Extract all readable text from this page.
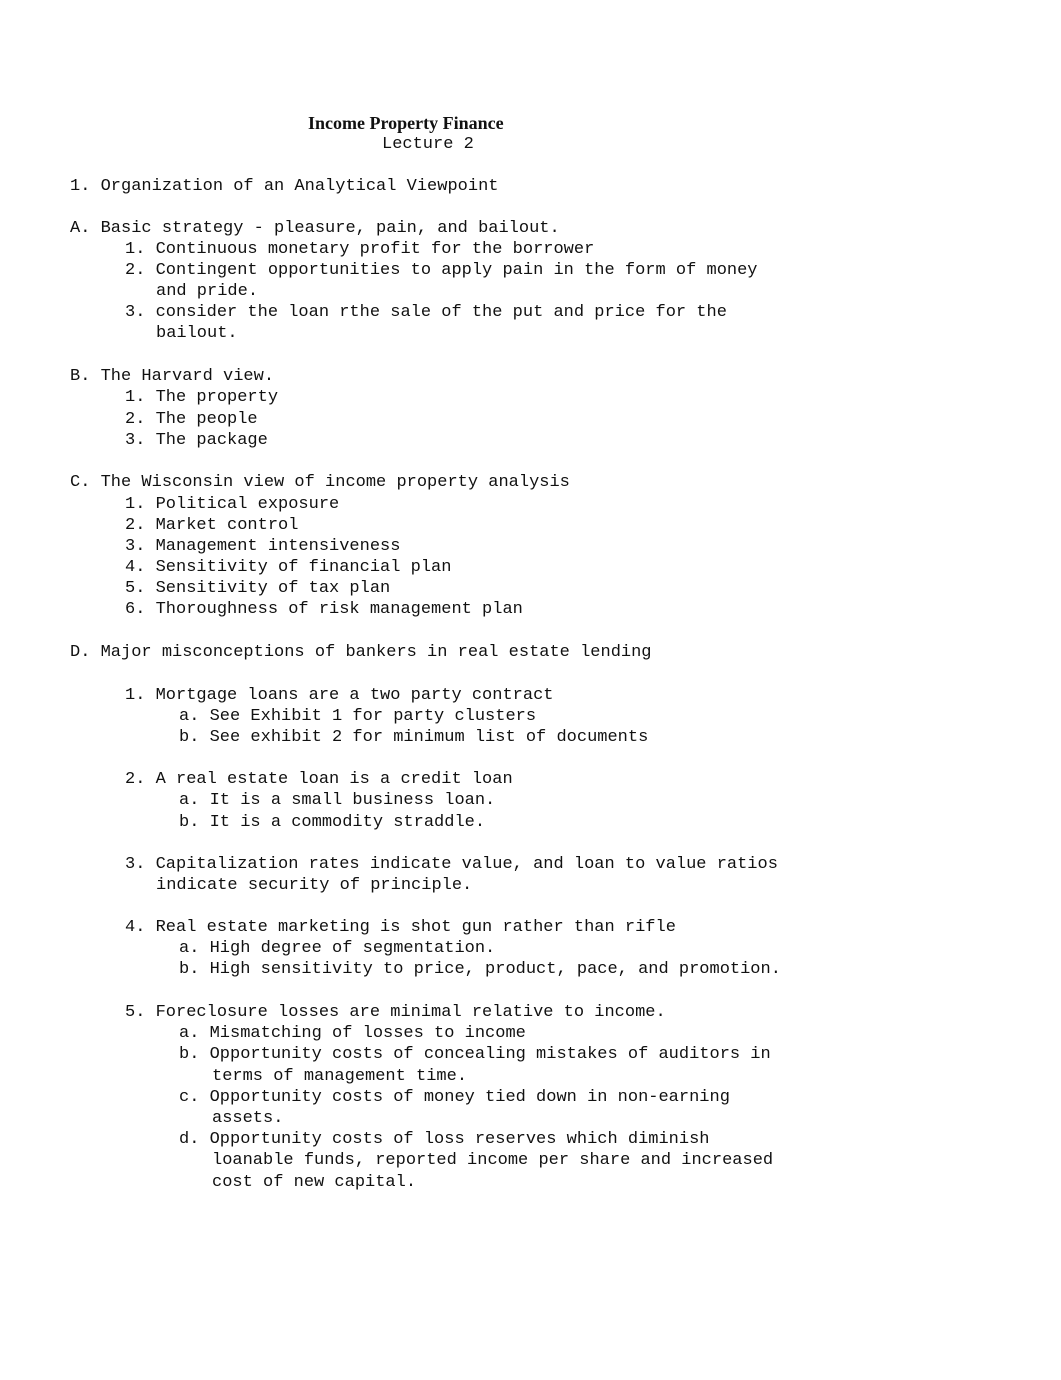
Income Property Finance
Lecture 2
1. Organization of an Analytical Viewpoint
A. Basic strategy - pleasure, pain, and bailout.
1. Continuous monetary profit for the borrower
2. Contingent opportunities to apply pain in the form of money
and pride.
3. consider the loan rthe sale of the put and price for the
bailout.
B. The Harvard view.
1. The property
2. The people
3. The package
C. The Wisconsin view of income property analysis
1. Political exposure
2. Market control
3. Management intensiveness
4. Sensitivity of financial plan
5. Sensitivity of tax plan
6. Thoroughness of risk management plan
D. Major misconceptions of bankers in real estate lending
1. Mortgage loans are a two party contract
a. See Exhibit 1 for party clusters
b. See exhibit 2 for minimum list of documents
2. A real estate loan is a credit loan
a. It is a small business loan.
b. It is a commodity straddle.
3. Capitalization rates indicate value, and loan to value ratios
indicate security of principle.
4. Real estate marketing is shot gun rather than rifle
a. High degree of segmentation.
b. High sensitivity to price, product, pace, and promotion.
5. Foreclosure losses are minimal relative to income.
a. Mismatching of losses to income
b. Opportunity costs of concealing mistakes of auditors in
terms of management time.
c. Opportunity costs of money tied down in non-earning
assets.
d. Opportunity costs of loss reserves which diminish
loanable funds, reported income per share and increased
cost of new capital.
